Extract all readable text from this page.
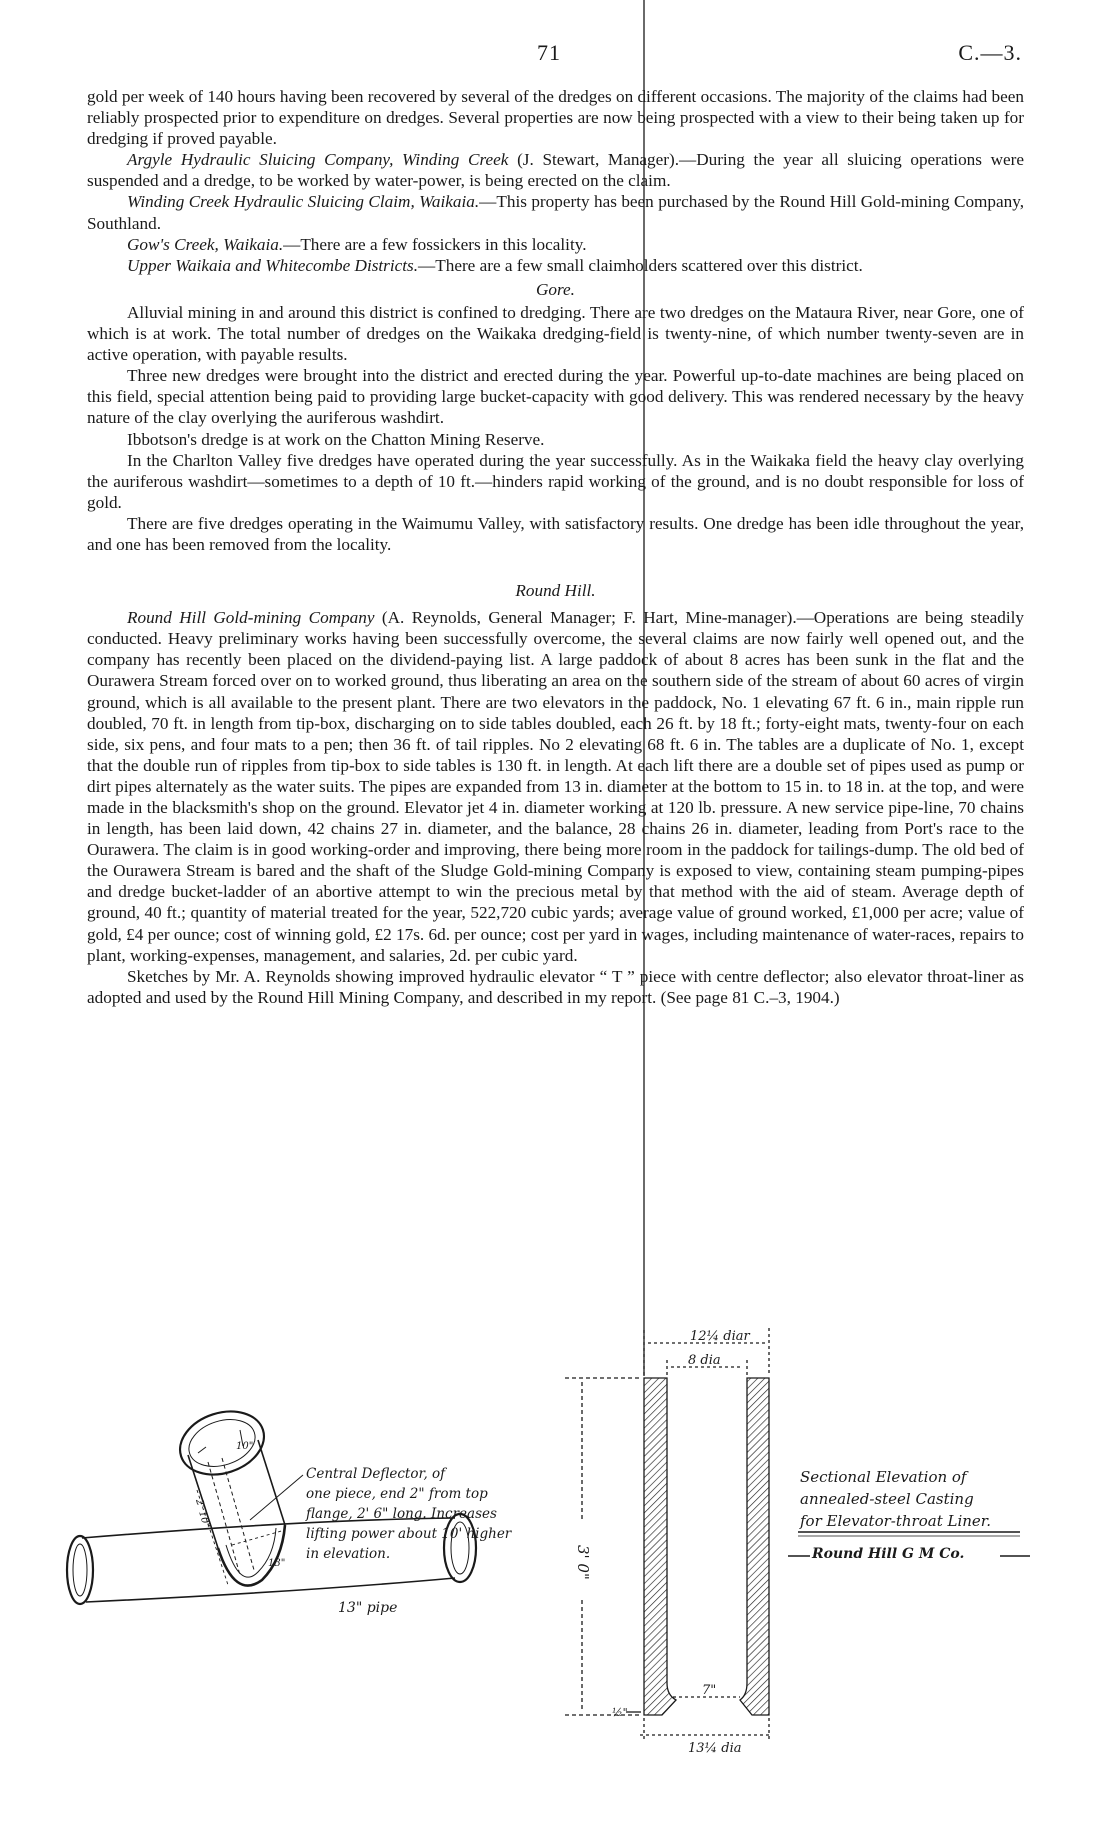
71	C.—3.

gold per week of 140 hours having been recovered by several of the dredges on different occasions. The majority of the claims had been reliably prospected prior to expenditure on dredges. Several properties are now being prospected with a view to their being taken up for dredging if proved payable.

Argyle Hydraulic Sluicing Company, Winding Creek (J. Stewart, Manager).—During the year all sluicing operations were suspended and a dredge, to be worked by water-power, is being erected on the claim.

Winding Creek Hydraulic Sluicing Claim, Waikaia.—This property has been purchased by the Round Hill Gold-mining Company, Southland.

Gow's Creek, Waikaia.—There are a few fossickers in this locality.

Upper Waikaia and Whitecombe Districts.—There are a few small claimholders scattered over this district.

Gore.

Alluvial mining in and around this district is confined to dredging. There are two dredges on the Mataura River, near Gore, one of which is at work. The total number of dredges on the Waikaka dredging-field is twenty-nine, of which number twenty-seven are in active operation, with payable results.

Three new dredges were brought into the district and erected during the year. Powerful up-to-date machines are being placed on this field, special attention being paid to providing large bucket-capacity with good delivery. This was rendered necessary by the heavy nature of the clay overlying the auriferous washdirt.

Ibbotson's dredge is at work on the Chatton Mining Reserve.

In the Charlton Valley five dredges have operated during the year successfully. As in the Waikaka field the heavy clay overlying the auriferous washdirt—sometimes to a depth of 10 ft.—hinders rapid working of the ground, and is no doubt responsible for loss of gold.

There are five dredges operating in the Waimumu Valley, with satisfactory results. One dredge has been idle throughout the year, and one has been removed from the locality.

Round Hill.

Round Hill Gold-mining Company (A. Reynolds, General Manager; F. Hart, Mine-manager).—Operations are being steadily conducted. Heavy preliminary works having been successfully overcome, the several claims are now fairly well opened out, and the company has recently been placed on the dividend-paying list. A large paddock of about 8 acres has been sunk in the flat and the Ourawera Stream forced over on to worked ground, thus liberating an area on the southern side of the stream of about 60 acres of virgin ground, which is all available to the present plant. There are two elevators in the paddock, No. 1 elevating 67 ft. 6 in., main ripple run doubled, 70 ft. in length from tip-box, discharging on to side tables doubled, each 26 ft. by 18 ft.; forty-eight mats, twenty-four on each side, six pens, and four mats to a pen; then 36 ft. of tail ripples. No 2 elevating 68 ft. 6 in. The tables are a duplicate of No. 1, except that the double run of ripples from tip-box to side tables is 130 ft. in length. At each lift there are a double set of pipes used as pump or dirt pipes alternately as the water suits. The pipes are expanded from 13 in. diameter at the bottom to 15 in. to 18 in. at the top, and were made in the blacksmith's shop on the ground. Elevator jet 4 in. diameter working at 120 lb. pressure. A new service pipe-line, 70 chains in length, has been laid down, 42 chains 27 in. diameter, and the balance, 28 chains 26 in. diameter, leading from Port's race to the Ourawera. The claim is in good working-order and improving, there being more room in the paddock for tailings-dump. The old bed of the Ourawera Stream is bared and the shaft of the Sludge Gold-mining Company is exposed to view, containing steam pumping-pipes and dredge bucket-ladder of an abortive attempt to win the precious metal by that method with the aid of steam. Average depth of ground, 40 ft.; quantity of material treated for the year, 522,720 cubic yards; average value of ground worked, £1,000 per acre; value of gold, £4 per ounce; cost of winning gold, £2 17s. 6d. per ounce; cost per yard in wages, including maintenance of water-races, repairs to plant, working-expenses, management, and salaries, 2d. per cubic yard.

Sketches by Mr. A. Reynolds showing improved hydraulic elevator “ T ” piece with centre deflector; also elevator throat-liner as adopted and used by the Round Hill Mining Company, and described in my report. (See page 81 C.–3, 1904.)

Central Deflector, of
one piece, end 2" from top
flange, 2' 6" long. Increases
lifting power about 10' higher
in elevation.
13" pipe
10"
13"
2' 10"
12¼ diar
8 dia
3' 0"
7"
13¼ dia
½"
Sectional Elevation of
annealed-steel Casting
for Elevator-throat Liner.
Round Hill G M Co.
